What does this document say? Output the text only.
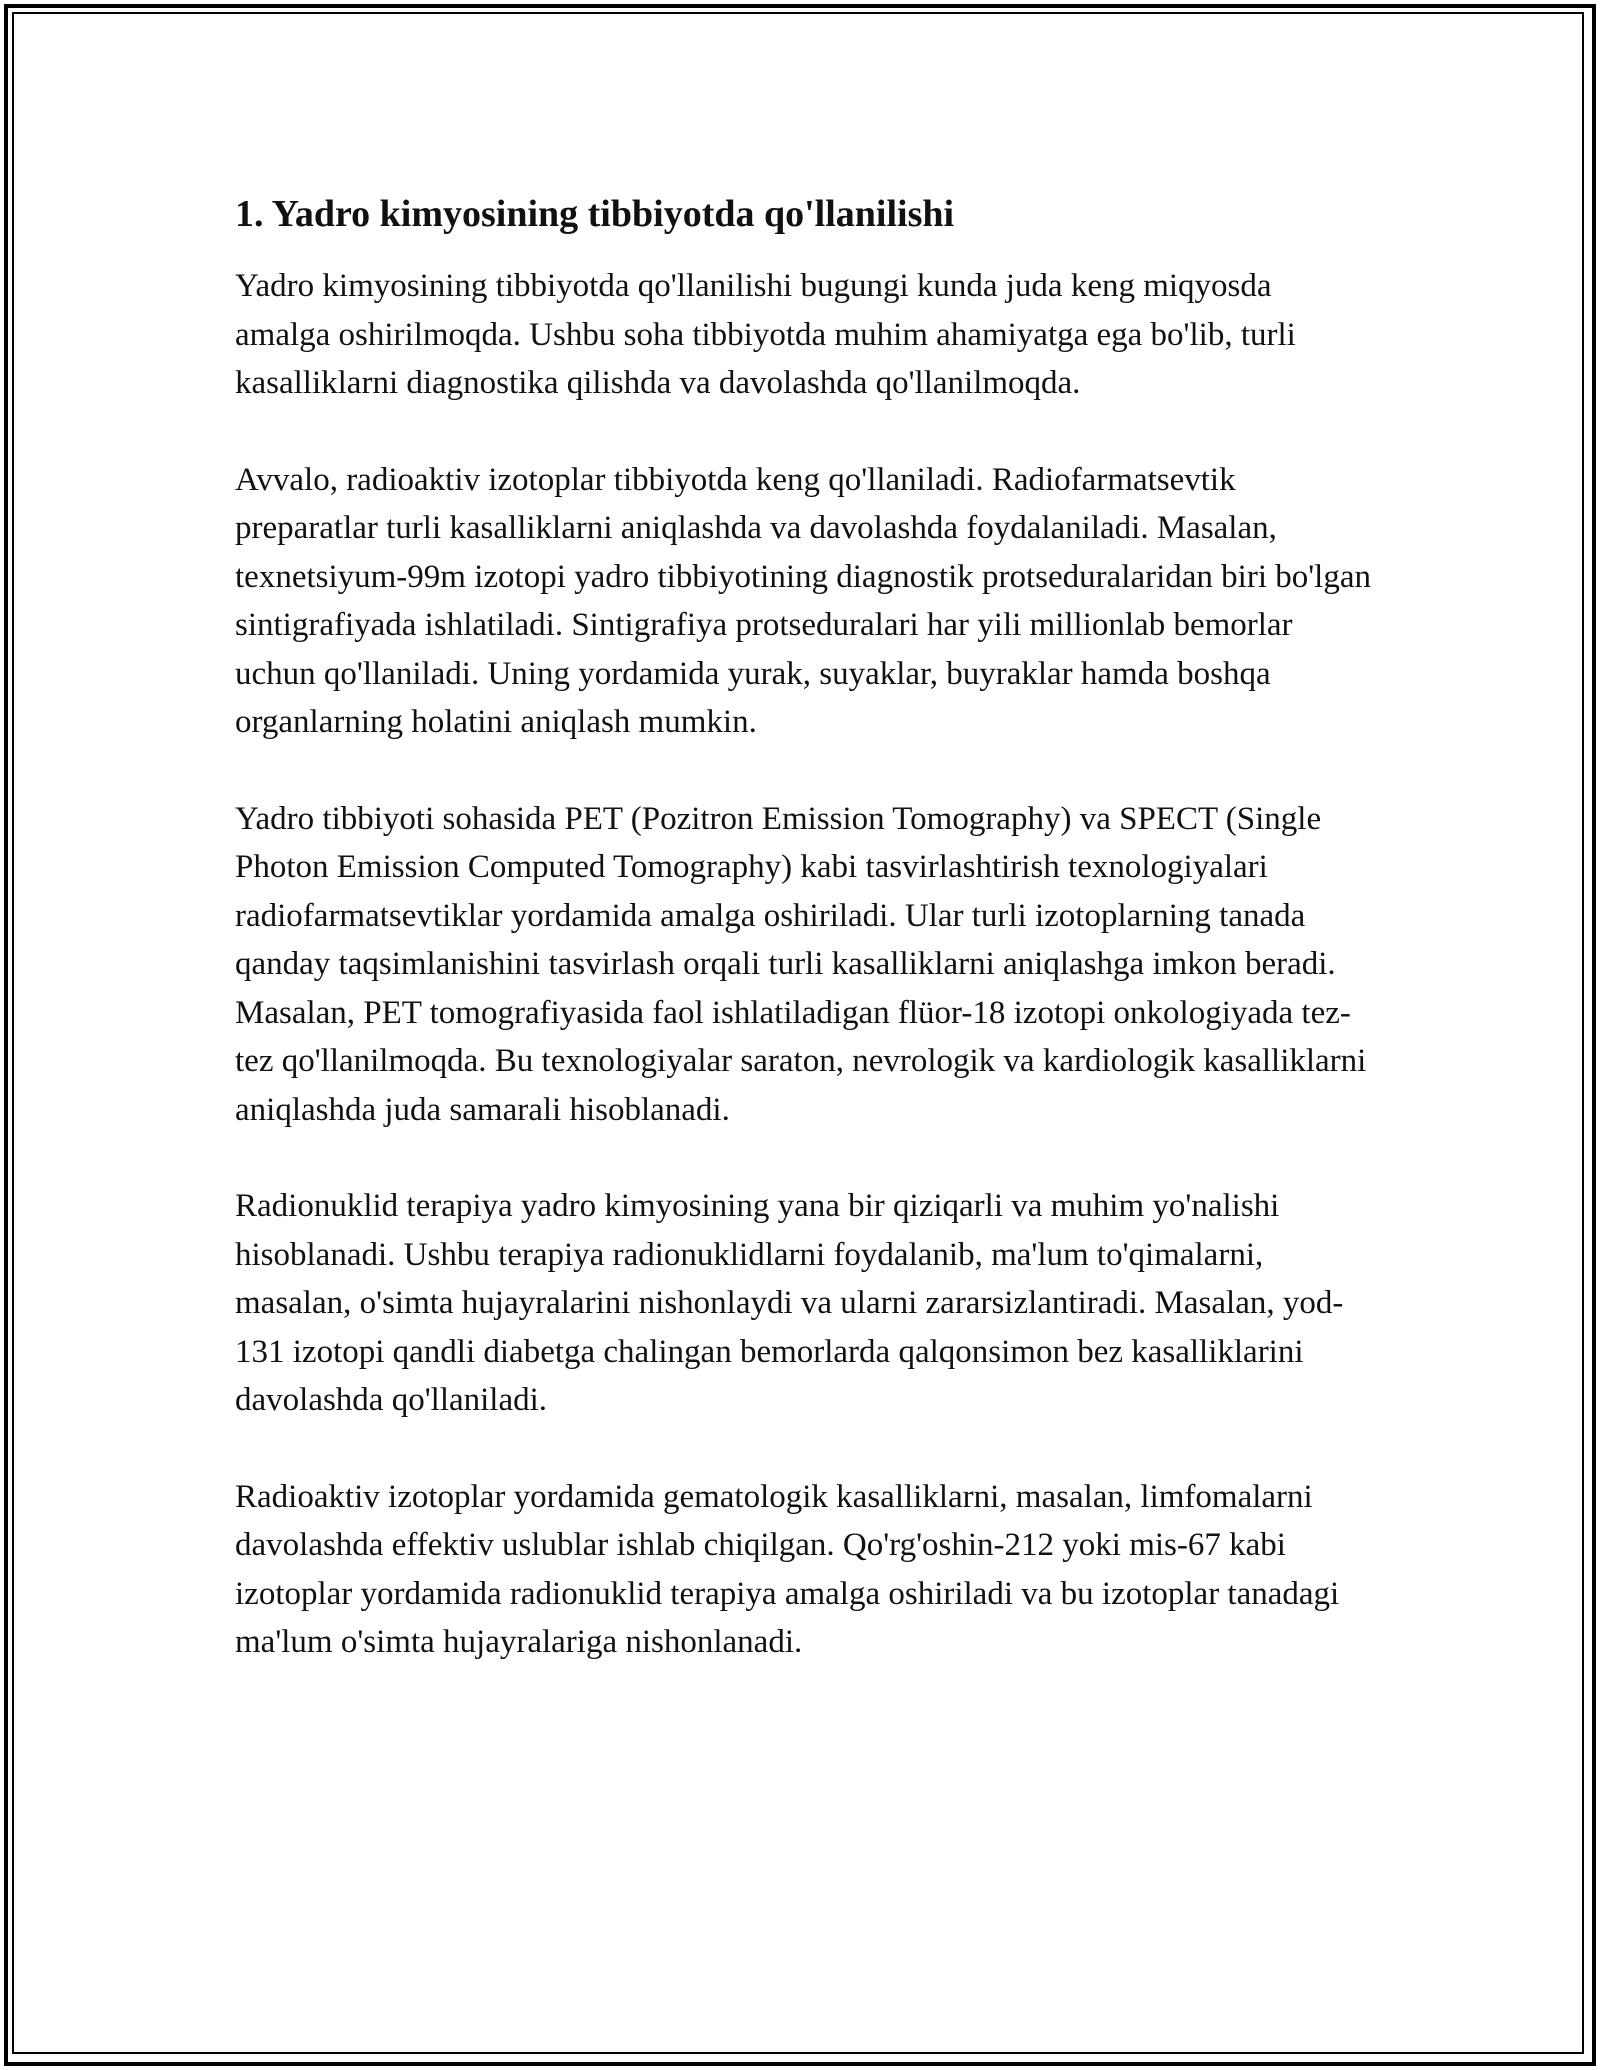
1. Yadro kimyosining tibbiyotda qo'llanilishi

Yadro kimyosining tibbiyotda qo'llanilishi bugungi kunda juda keng miqyosda amalga oshirilmoqda. Ushbu soha tibbiyotda muhim ahamiyatga ega bo'lib, turli kasalliklarni diagnostika qilishda va davolashda qo'llanilmoqda.

Avvalo, radioaktiv izotoplar tibbiyotda keng qo'llaniladi. Radiofarmatsevtik preparatlar turli kasalliklarni aniqlashda va davolashda foydalaniladi. Masalan, texnetsiyum-99m izotopi yadro tibbiyotining diagnostik protseduralaridan biri bo'lgan sintigrafiyada ishlatiladi. Sintigrafiya protseduralari har yili millionlab bemorlar uchun qo'llaniladi. Uning yordamida yurak, suyaklar, buyraklar hamda boshqa organlarning holatini aniqlash mumkin.

Yadro tibbiyoti sohasida PET (Pozitron Emission Tomography) va SPECT (Single Photon Emission Computed Tomography) kabi tasvirlashtirish texnologiyalari radiofarmatsevtiklar yordamida amalga oshiriladi. Ular turli izotoplarning tanada qanday taqsimlanishini tasvirlash orqali turli kasalliklarni aniqlashga imkon beradi. Masalan, PET tomografiyasida faol ishlatiladigan flüor-18 izotopi onkologiyada tez-tez qo'llanilmoqda. Bu texnologiyalar saraton, nevrologik va kardiologik kasalliklarni aniqlashda juda samarali hisoblanadi.

Radionuklid terapiya yadro kimyosining yana bir qiziqarli va muhim yo'nalishi hisoblanadi. Ushbu terapiya radionuklidlarni foydalanib, ma'lum to'qimalarni, masalan, o'simta hujayralarini nishonlaydi va ularni zararsizlantiradi. Masalan, yod-131 izotopi qandli diabetga chalingan bemorlarda qalqonsimon bez kasalliklarini davolashda qo'llaniladi.

Radioaktiv izotoplar yordamida gematologik kasalliklarni, masalan, limfomalarni davolashda effektiv uslublar ishlab chiqilgan. Qo'rg'oshin-212 yoki mis-67 kabi izotoplar yordamida radionuklid terapiya amalga oshiriladi va bu izotoplar tanadagi ma'lum o'simta hujayralariga nishonlanadi.
